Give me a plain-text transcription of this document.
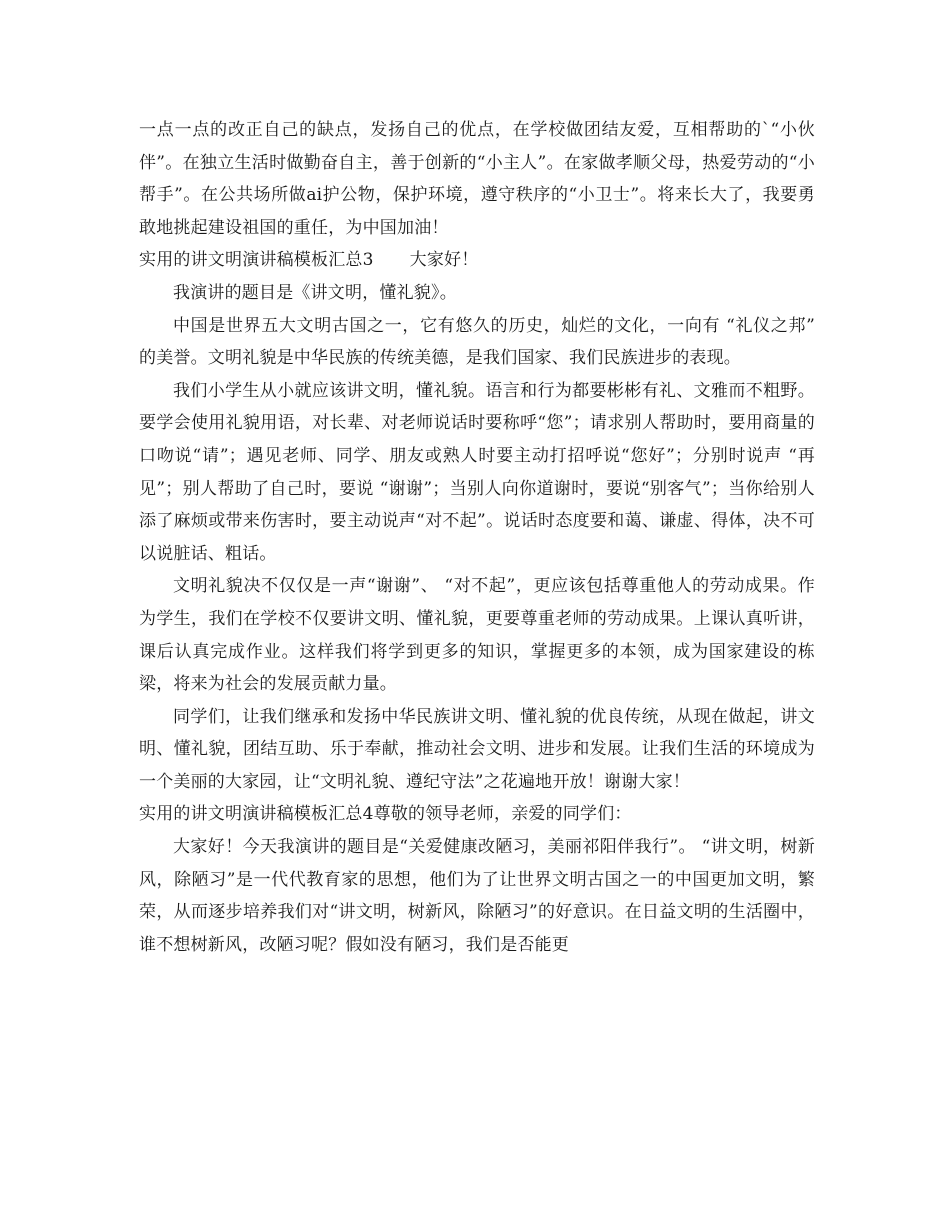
一点一点的改正自己的缺点，发扬自己的优点，在学校做团结友爱，互相帮助的`“小伙伴”。在独立生活时做勤奋自主，善于创新的“小主人”。在家做孝顺父母，热爱劳动的“小帮手”。在公共场所做ai护公物，保护环境，遵守秩序的“小卫士”。将来长大了，我要勇敢地挑起建设祖国的重任，为中国加油！

实用的讲文明演讲稿模板汇总3 大家好！

我演讲的题目是《讲文明，懂礼貌》。

中国是世界五大文明古国之一，它有悠久的历史，灿烂的文化，一向有 “礼仪之邦” 的美誉。文明礼貌是中华民族的传统美德，是我们国家、我们民族进步的表现。

我们小学生从小就应该讲文明，懂礼貌。语言和行为都要彬彬有礼、文雅而不粗野。要学会使用礼貌用语，对长辈、对老师说话时要称呼“您”；请求别人帮助时，要用商量的口吻说“请”；遇见老师、同学、朋友或熟人时要主动打招呼说“您好”；分别时说声 “再见”；别人帮助了自己时，要说 “谢谢”；当别人向你道谢时，要说“别客气”；当你给别人添了麻烦或带来伤害时，要主动说声“对不起”。说话时态度要和蔼、谦虚、得体，决不可以说脏话、粗话。

文明礼貌决不仅仅是一声“谢谢”、 “对不起”，更应该包括尊重他人的劳动成果。作为学生，我们在学校不仅要讲文明、懂礼貌，更要尊重老师的劳动成果。上课认真听讲，课后认真完成作业。这样我们将学到更多的知识，掌握更多的本领，成为国家建设的栋梁，将来为社会的发展贡献力量。

同学们，让我们继承和发扬中华民族讲文明、懂礼貌的优良传统，从现在做起，讲文明、懂礼貌，团结互助、乐于奉献，推动社会文明、进步和发展。让我们生活的环境成为一个美丽的大家园，让“文明礼貌、遵纪守法”之花遍地开放！谢谢大家！

实用的讲文明演讲稿模板汇总4尊敬的领导老师，亲爱的同学们：

大家好！今天我演讲的题目是“关爱健康改陋习，美丽祁阳伴我行”。 “讲文明，树新风，除陋习”是一代代教育家的思想，他们为了让世界文明古国之一的中国更加文明，繁荣，从而逐步培养我们对“讲文明，树新风，除陋习”的好意识。在日益文明的生活圈中，谁不想树新风，改陋习呢？假如没有陋习，我们是否能更
